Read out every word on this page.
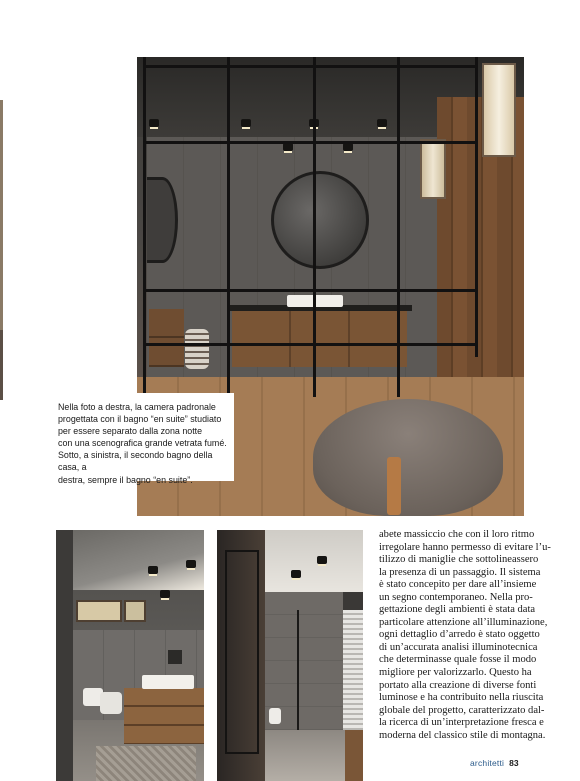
Nella foto a destra, la camera padronale
progettata con il bagno “en suite” studiato
per essere separato dalla zona notte
con una scenografica grande vetrata fumé.
Sotto, a sinistra, il secondo bagno della casa, a
destra, sempre il bagno “en suite”.
abete massiccio che con il loro ritmo
irregolare hanno permesso di evitare l’u-
tilizzo di maniglie che sottolineassero
la presenza di un passaggio. Il sistema
è stato concepito per dare all’insieme
un segno contemporaneo. Nella pro-
gettazione degli ambienti è stata data
particolare attenzione all’illuminazione,
ogni dettaglio d’arredo è stato oggetto
di un’accurata analisi illuminotecnica
che determinasse quale fosse il modo
migliore per valorizzarlo. Questo ha
portato alla creazione di diverse fonti
luminose e ha contribuito nella riuscita
globale del progetto, caratterizzato dal-
la ricerca di un’interpretazione fresca e
moderna del classico stile di montagna.
architetti 83
